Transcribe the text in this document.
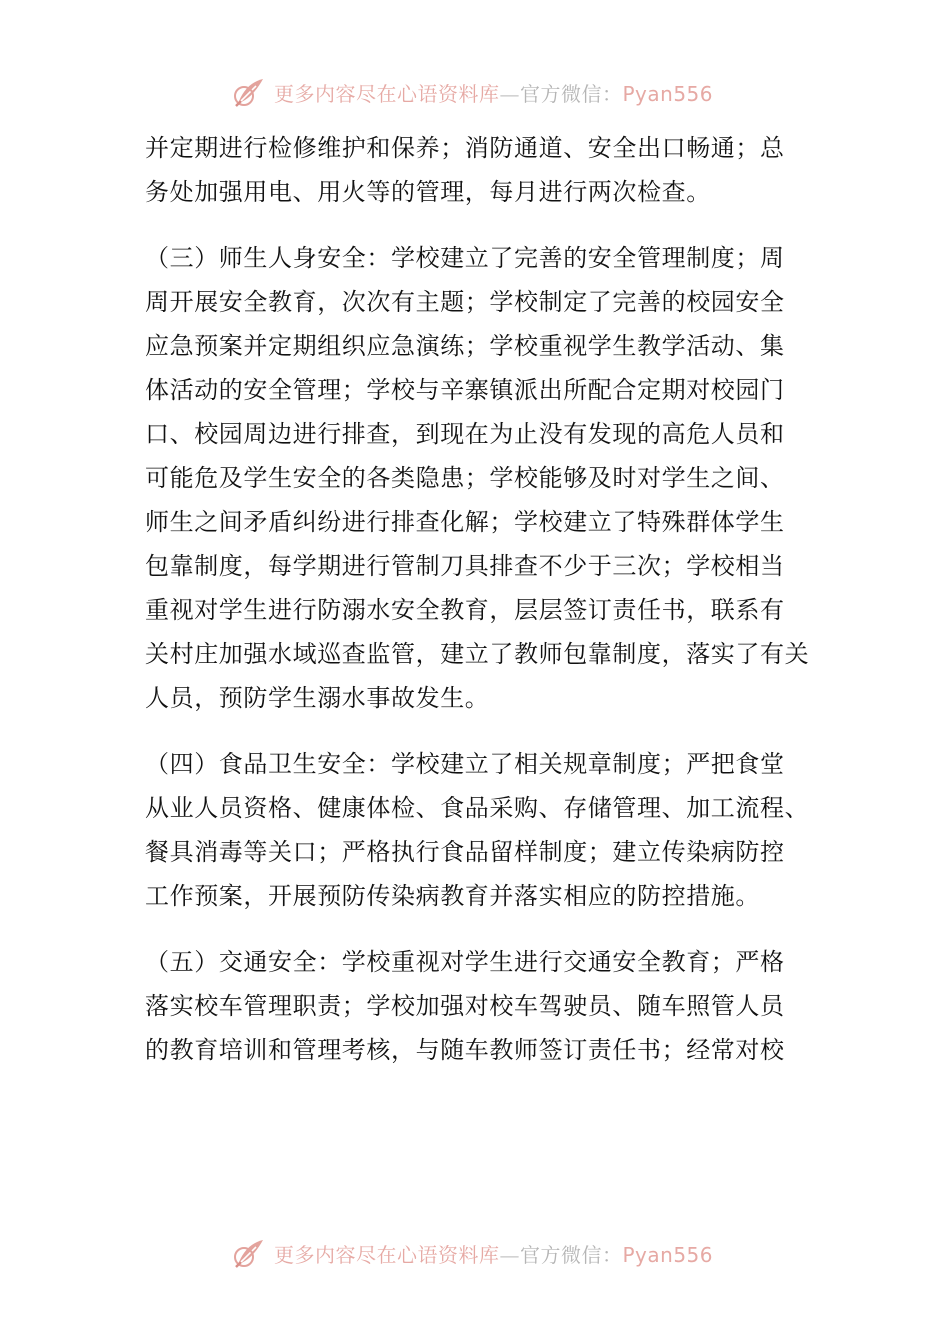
更多内容尽在心语资料库—官方微信：Pyan556

并定期进行检修维护和保养；消防通道、安全出口畅通；总
务处加强用电、用火等的管理，每月进行两次检查。

（三）师生人身安全：学校建立了完善的安全管理制度；周
周开展安全教育，次次有主题；学校制定了完善的校园安全
应急预案并定期组织应急演练；学校重视学生教学活动、集
体活动的安全管理；学校与辛寨镇派出所配合定期对校园门
口、校园周边进行排查，到现在为止没有发现的高危人员和
可能危及学生安全的各类隐患；学校能够及时对学生之间、
师生之间矛盾纠纷进行排查化解；学校建立了特殊群体学生
包靠制度，每学期进行管制刀具排查不少于三次；学校相当
重视对学生进行防溺水安全教育，层层签订责任书，联系有
关村庄加强水域巡查监管，建立了教师包靠制度，落实了有关
人员，预防学生溺水事故发生。

（四）食品卫生安全：学校建立了相关规章制度；严把食堂
从业人员资格、健康体检、食品采购、存储管理、加工流程、
餐具消毒等关口；严格执行食品留样制度；建立传染病防控
工作预案，开展预防传染病教育并落实相应的防控措施。

（五）交通安全：学校重视对学生进行交通安全教育；严格
落实校车管理职责；学校加强对校车驾驶员、随车照管人员
的教育培训和管理考核，与随车教师签订责任书；经常对校

更多内容尽在心语资料库—官方微信：Pyan556
